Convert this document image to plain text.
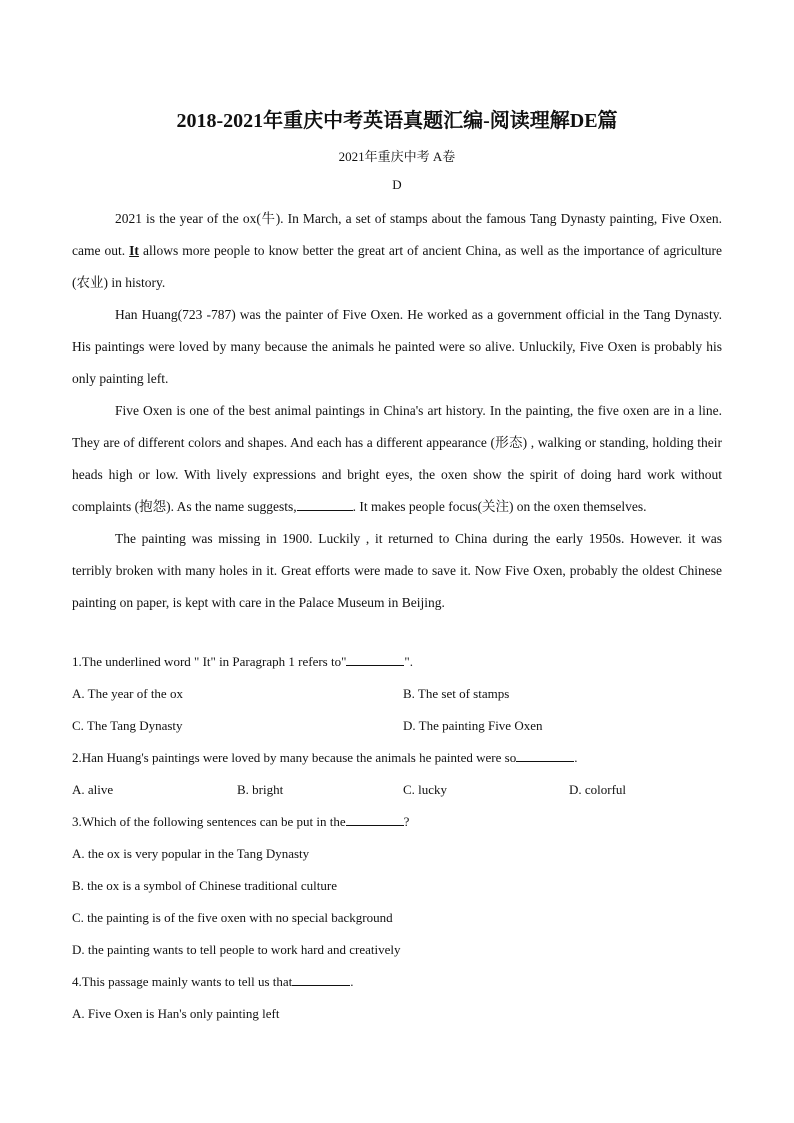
2018-2021年重庆中考英语真题汇编-阅读理解DE篇
2021年重庆中考 A卷
D

2021 is the year of the ox(牛). In March, a set of stamps about the famous Tang Dynasty painting, Five Oxen. came out. It allows more people to know better the great art of ancient China, as well as the importance of agriculture (农业) in history.

Han Huang(723 -787) was the painter of Five Oxen. He worked as a government official in the Tang Dynasty. His paintings were loved by many because the animals he painted were so alive. Unluckily, Five Oxen is probably his only painting left.

Five Oxen is one of the best animal paintings in China's art history. In the painting, the five oxen are in a line. They are of different colors and shapes. And each has a different appearance (形态) , walking or standing, holding their heads high or low. With lively expressions and bright eyes, the oxen show the spirit of doing hard work without complaints (抱怨). As the name suggests,	. It makes people focus(关注) on the oxen themselves.

The painting was missing in 1900. Luckily , it returned to China during the early 1950s. However. it was terribly broken with many holes in it. Great efforts were made to save it. Now Five Oxen, probably the oldest Chinese painting on paper, is kept with care in the Palace Museum in Beijing.

1.The underlined word " It" in Paragraph 1 refers to"	".
A. The year of the ox	B. The set of stamps
C. The Tang Dynasty	D. The painting Five Oxen
2.Han Huang's paintings were loved by many because the animals he painted were so	.
A. alive	B. bright	C. lucky	D. colorful
3.Which of the following sentences can be put in the	?
A. the ox is very popular in the Tang Dynasty
B. the ox is a symbol of Chinese traditional culture
C. the painting is of the five oxen with no special background
D. the painting wants to tell people to work hard and creatively
4.This passage mainly wants to tell us that	.
A. Five Oxen is Han's only painting left
